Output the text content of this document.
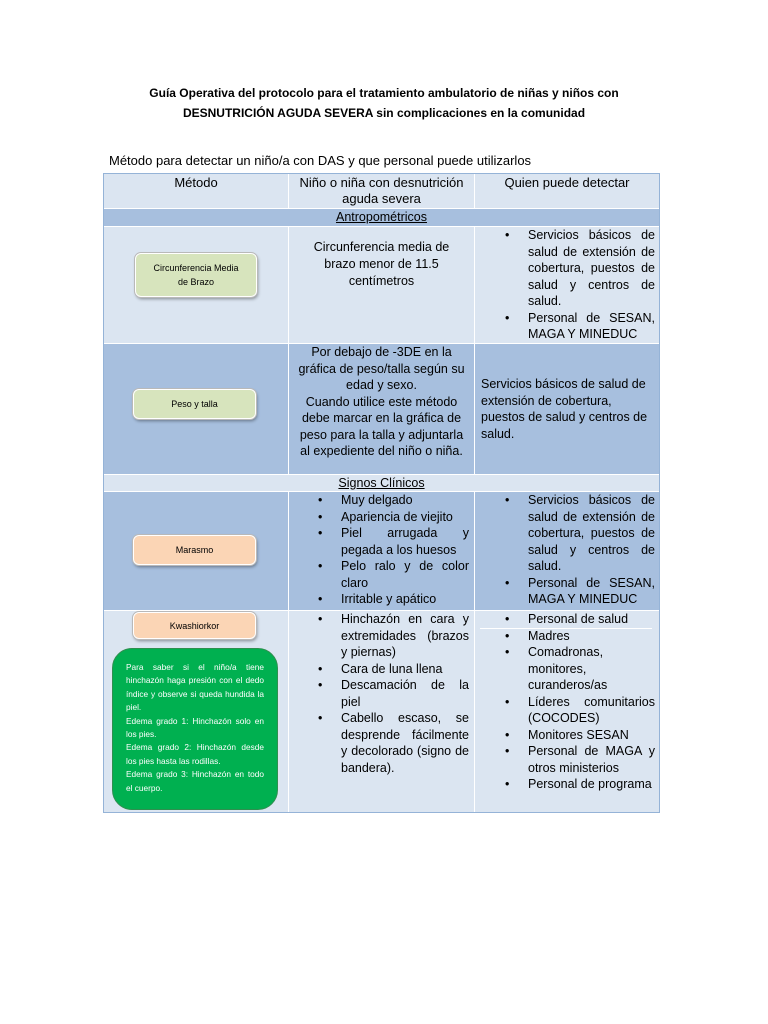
Guía Operativa del protocolo para el tratamiento ambulatorio de niñas y niños con
DESNUTRICIÓN AGUDA SEVERA sin complicaciones en la comunidad
Método para detectar un niño/a con DAS y que personal puede utilizarlos
Método	Niño o niña con desnutrición aguda severa
Quien puede detectar
Antropométricos
Circunferencia Media de Brazo
Circunferencia media de brazo menor de 11.5 centímetros
• Servicios básicos de salud de extensión de cobertura, puestos de salud y centros de salud.
• Personal de SESAN, MAGA Y MINEDUC
Peso y talla

Por debajo de -3DE en la gráfica de peso/talla según su edad y sexo.

Cuando utilice este método debe marcar en la gráfica de peso para la talla y adjuntarla al expediente del niño o niña.

Servicios básicos de salud de extensión de cobertura, puestos de salud y centros de salud.
Signos Clínicos
Marasmo
• Muy delgado
• Apariencia de viejito
• Piel arrugada y pegada a los huesos
• Pelo ralo y de color claro
• Irritable y apático
• Servicios básicos de salud de extensión de cobertura, puestos de salud y centros de salud.
• Personal de SESAN, MAGA Y MINEDUC
Kwashiorkor

Para saber si el niño/a tiene hinchazón haga presión con el dedo índice y observe si queda hundida la piel.

Edema grado 1: Hinchazón solo en los pies.

Edema grado 2: Hinchazón desde los pies hasta las rodillas.

Edema grado 3: Hinchazón en todo el cuerpo.

• Hinchazón en cara y extremidades (brazos y piernas)
• Cara de luna llena
• Descamación de la piel
• Cabello escaso, se desprende fácilmente y decolorado (signo de bandera).
• Personal de salud
• Madres
• Comadronas, monitores, curanderos/as
• Líderes comunitarios (COCODES)
• Monitores SESAN
• Personal de MAGA y otros ministerios
• Personal de programa
